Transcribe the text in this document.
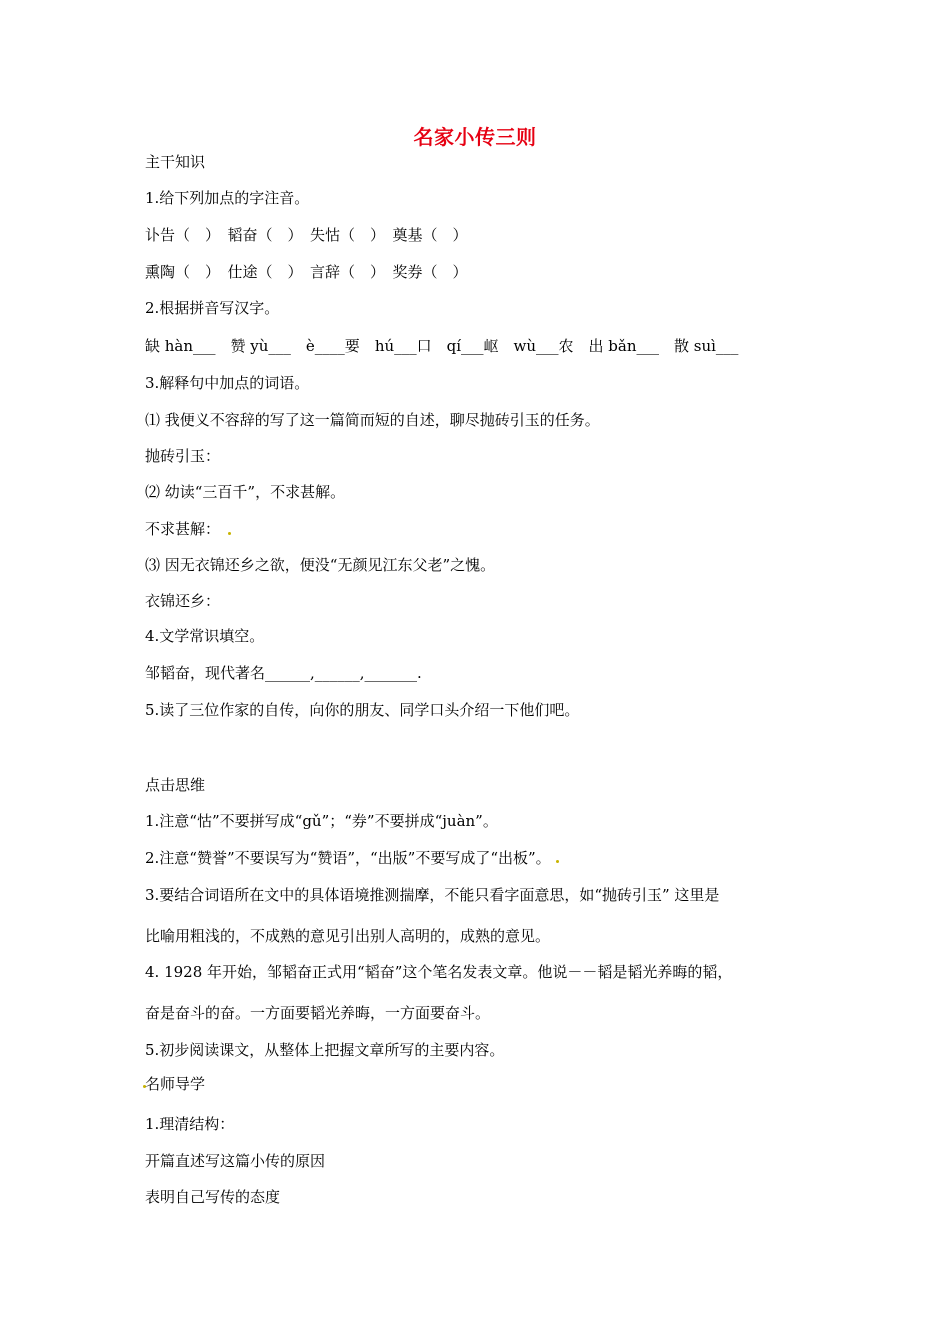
名家小传三则
主干知识
1.给下列加点的字注音。
讣告（　）　韬奋（　）　失怙（　）　奠基（　）
熏陶（　）　仕途（　）　言辞（　）　奖券（　）
2.根据拼音写汉字。
缺 hàn___　赞 yù___　è____要　hú___口　qí___岖　wù___农　出 bǎn___　散 suì___
3.解释句中加点的词语。
⑴ 我便义不容辞的写了这一篇简而短的自述，聊尽抛砖引玉的任务。
抛砖引玉：
⑵ 幼读“三百千”，不求甚解。
不求甚解：
⑶ 因无衣锦还乡之欲，便没“无颜见江东父老”之愧。
衣锦还乡：
4.文学常识填空。
邹韬奋，现代著名______,______,_______.
5.读了三位作家的自传，向你的朋友、同学口头介绍一下他们吧。
点击思维
1.注意“怙”不要拼写成“gǔ”；“券”不要拼成“juàn”。
2.注意“赞誉”不要误写为“赞语”，“出版”不要写成了“出板”。
3.要结合词语所在文中的具体语境推测揣摩，不能只看字面意思，如“抛砖引玉” 这里是
比喻用粗浅的，不成熟的意见引出别人高明的，成熟的意见。
4. 1928 年开始，邹韬奋正式用“韬奋”这个笔名发表文章。他说－－韬是韬光养晦的韬，
奋是奋斗的奋。一方面要韬光养晦，一方面要奋斗。
5.初步阅读课文，从整体上把握文章所写的主要内容。
名师导学
1.理清结构：
开篇直述写这篇小传的原因
表明自己写传的态度
